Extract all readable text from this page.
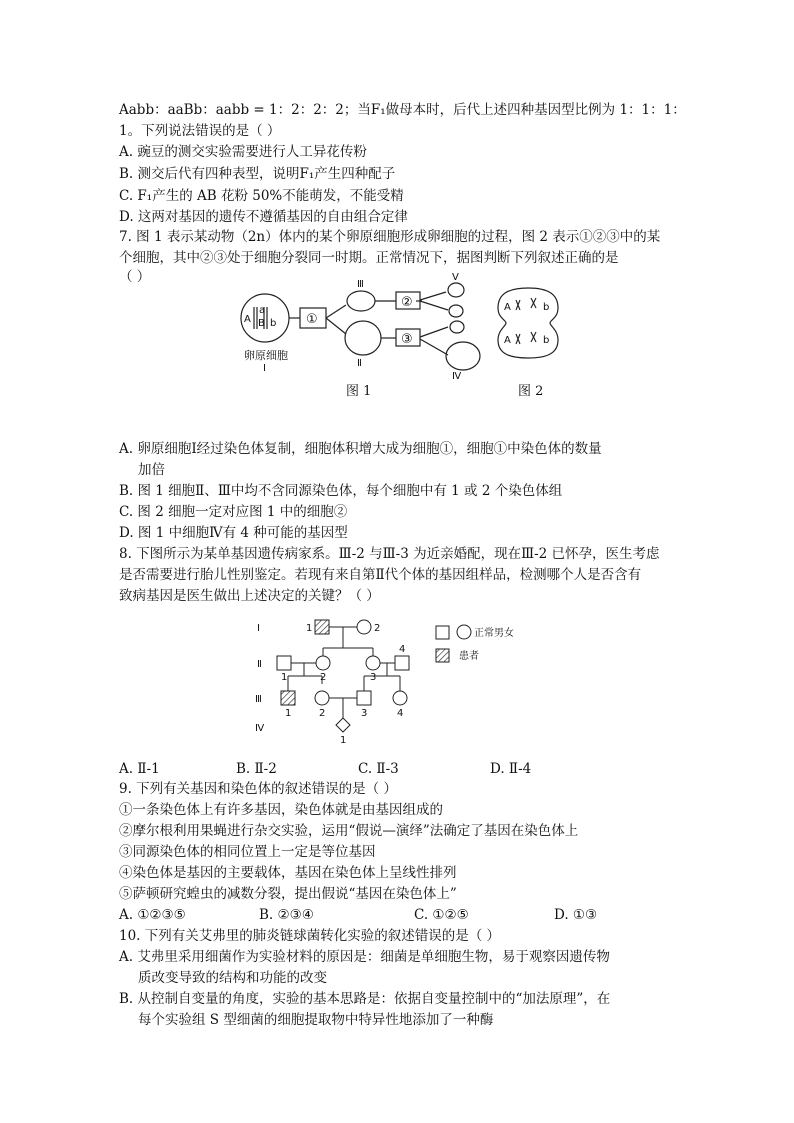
Aabb：aaBb：aabb = 1：2：2：2；当F₁做母本时，后代上述四种基因型比例为 1：1：1：
1。下列说法错误的是（ ）
A. 豌豆的测交实验需要进行人工异花传粉
B. 测交后代有四种表型，说明F₁产生四种配子
C. F₁产生的 AB 花粉 50%不能萌发，不能受精
D. 这两对基因的遗传不遵循基因的自由组合定律
7. 图 1 表示某动物（2n）体内的某个卵原细胞形成卵细胞的过程，图 2 表示①②③中的某
个细胞，其中②③处于细胞分裂同一时期。正常情况下，据图判断下列叙述正确的是
（ ）
A
a
B b ①
②
③
Ⅲ
Ⅱ
Ⅴ
Ⅳ
卵原细胞
Ⅰ
A	b
A	b
图 1	图 2
A. 卵原细胞Ⅰ经过染色体复制，细胞体积增大成为细胞①，细胞①中染色体的数量
加倍
B. 图 1 细胞Ⅱ、Ⅲ中均不含同源染色体，每个细胞中有 1 或 2 个染色体组
C. 图 2 细胞一定对应图 1 中的细胞②
D. 图 1 中细胞Ⅳ有 4 种可能的基因型
8. 下图所示为某单基因遗传病家系。Ⅲ-2 与Ⅲ-3 为近亲婚配，现在Ⅲ-2 已怀孕，医生考虑
是否需要进行胎儿性别鉴定。若现有来自第Ⅱ代个体的基因组样品，检测哪个人是否含有
致病基因是医生做出上述决定的关键？（ ）
Ⅰ
Ⅱ
Ⅲ
Ⅳ
1	2
1	2	3
4
1	2	3	4
1
正常男女
患者
A. Ⅱ-1	B. Ⅱ-2	C. Ⅱ-3	D. Ⅱ-4
9. 下列有关基因和染色体的叙述错误的是（ ）
①一条染色体上有许多基因，染色体就是由基因组成的
②摩尔根利用果蝇进行杂交实验，运用“假说—演绎”法确定了基因在染色体上
③同源染色体的相同位置上一定是等位基因
④染色体是基因的主要载体，基因在染色体上呈线性排列
⑤萨顿研究蝗虫的减数分裂，提出假说“基因在染色体上”
A. ①②③⑤	B. ②③④	C. ①②⑤	D. ①③
10. 下列有关艾弗里的肺炎链球菌转化实验的叙述错误的是（ ）
A. 艾弗里采用细菌作为实验材料的原因是：细菌是单细胞生物，易于观察因遗传物
质改变导致的结构和功能的改变
B. 从控制自变量的角度，实验的基本思路是：依据自变量控制中的“加法原理”，在
每个实验组 S 型细菌的细胞提取物中特异性地添加了一种酶
